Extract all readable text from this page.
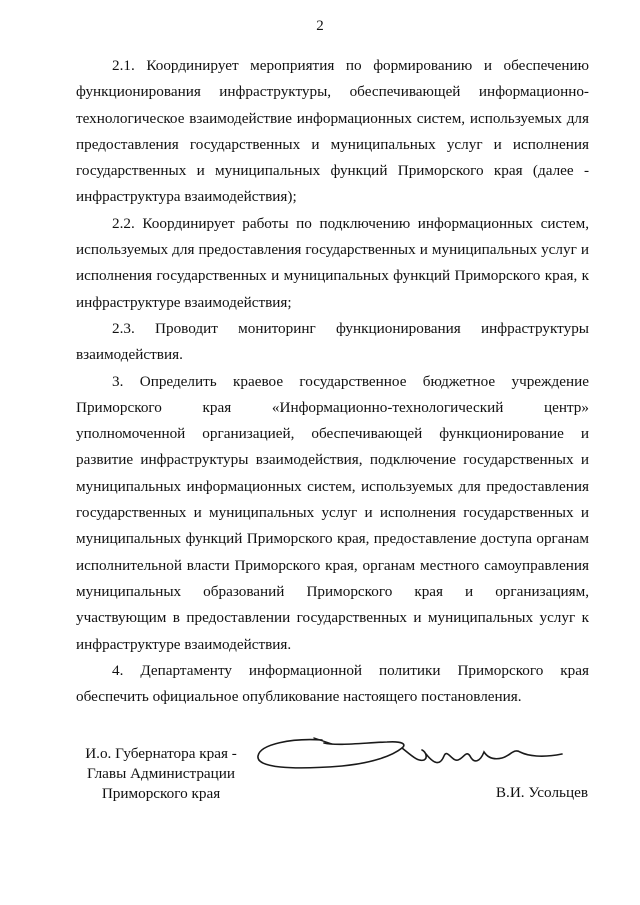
2

2.1. Координирует мероприятия по формированию и обеспечению функционирования инфраструктуры, обеспечивающей информационно-технологическое взаимодействие информационных систем, используемых для предоставления государственных и муниципальных услуг и исполнения государственных и муниципальных функций Приморского края (далее - инфраструктура взаимодействия);

2.2. Координирует работы по подключению информационных систем, используемых для предоставления государственных и муниципальных услуг и исполнения государственных и муниципальных функций Приморского края, к инфраструктуре взаимодействия;

2.3. Проводит мониторинг функционирования инфраструктуры взаимодействия.

3. Определить краевое государственное бюджетное учреждение Приморского края «Информационно-технологический центр» уполномоченной организацией, обеспечивающей функционирование и развитие инфраструктуры взаимодействия, подключение государственных и муниципальных информационных систем, используемых для предоставления государственных и муниципальных услуг и исполнения государственных и муниципальных функций Приморского края, предоставление доступа органам исполнительной власти Приморского края, органам местного самоуправления муниципальных образований Приморского края и организациям, участвующим в предоставлении государственных и муниципальных услуг к инфраструктуре взаимодействия.

4. Департаменту информационной политики Приморского края обеспечить официальное опубликование настоящего постановления.

И.о. Губернатора края -
Главы Администрации
Приморского края	В.И. Усольцев
